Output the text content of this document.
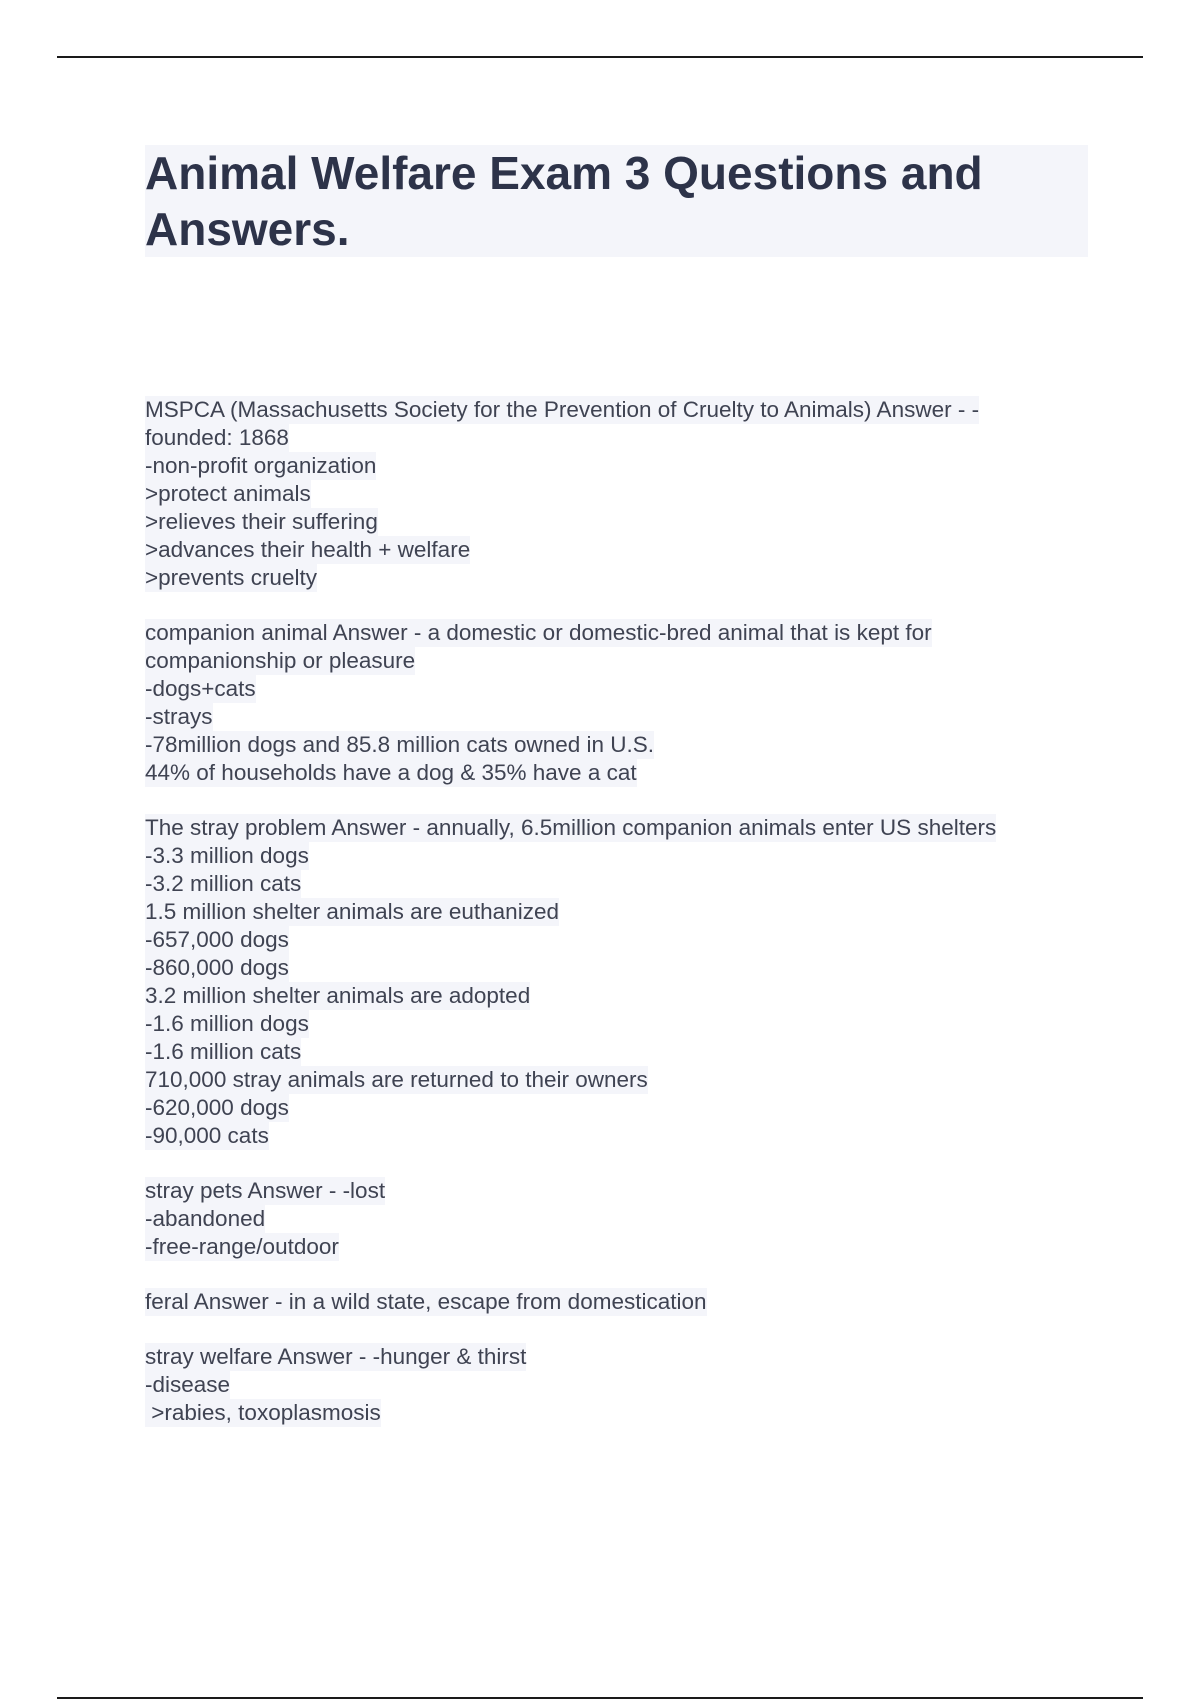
Animal Welfare Exam 3 Questions and Answers.
MSPCA (Massachusetts Society for the Prevention of Cruelty to Animals) Answer - -
founded: 1868
-non-profit organization
>protect animals
>relieves their suffering
>advances their health + welfare
>prevents cruelty
companion animal Answer - a domestic or domestic-bred animal that is kept for
companionship or pleasure
-dogs+cats
-strays
-78million dogs and 85.8 million cats owned in U.S.
44% of households have a dog & 35% have a cat
The stray problem Answer - annually, 6.5million companion animals enter US shelters
-3.3 million dogs
-3.2 million cats
1.5 million shelter animals are euthanized
-657,000 dogs
-860,000 dogs
3.2 million shelter animals are adopted
-1.6 million dogs
-1.6 million cats
710,000 stray animals are returned to their owners
-620,000 dogs
-90,000 cats
stray pets Answer - -lost
-abandoned
-free-range/outdoor
feral Answer - in a wild state, escape from domestication
stray welfare Answer - -hunger & thirst
-disease
>rabies, toxoplasmosis
